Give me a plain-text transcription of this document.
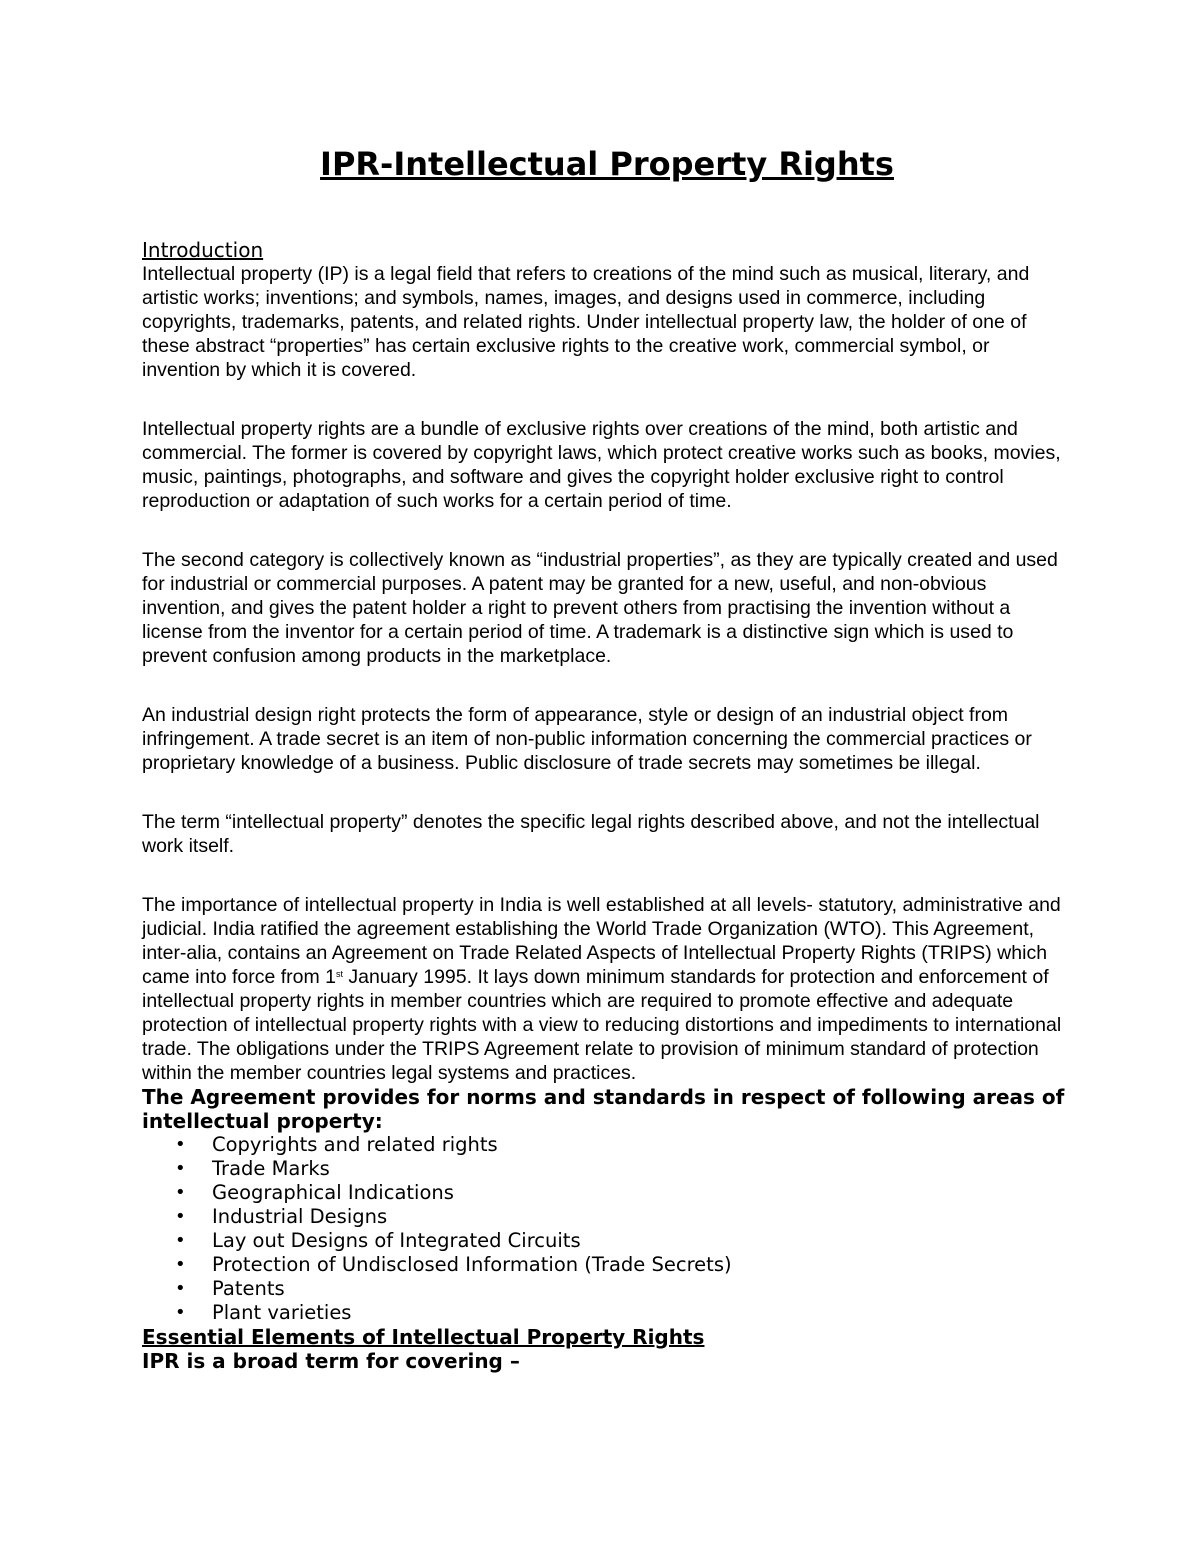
IPR-Intellectual Property Rights
Introduction

Intellectual property (IP) is a legal field that refers to creations of the mind such as musical, literary, and artistic works; inventions; and symbols, names, images, and designs used in commerce, including copyrights, trademarks, patents, and related rights. Under intellectual property law, the holder of one of these abstract “properties” has certain exclusive rights to the creative work, commercial symbol, or invention by which it is covered.

Intellectual property rights are a bundle of exclusive rights over creations of the mind, both artistic and commercial. The former is covered by copyright laws, which protect creative works such as books, movies, music, paintings, photographs, and software and gives the copyright holder exclusive right to control reproduction or adaptation of such works for a certain period of time.

The second category is collectively known as “industrial properties”, as they are typically created and used for industrial or commercial purposes. A patent may be granted for a new, useful, and non-obvious invention, and gives the patent holder a right to prevent others from practising the invention without a license from the inventor for a certain period of time. A trademark is a distinctive sign which is used to prevent confusion among products in the marketplace.

An industrial design right protects the form of appearance, style or design of an industrial object from infringement. A trade secret is an item of non-public information concerning the commercial practices or proprietary knowledge of a business. Public disclosure of trade secrets may sometimes be illegal.

The term “intellectual property” denotes the specific legal rights described above, and not the intellectual work itself.

The importance of intellectual property in India is well established at all levels- statutory, administrative and judicial. India ratified the agreement establishing the World Trade Organization (WTO). This Agreement, inter-alia, contains an Agreement on Trade Related Aspects of Intellectual Property Rights (TRIPS) which came into force from 1st January 1995. It lays down minimum standards for protection and enforcement of intellectual property rights in member countries which are required to promote effective and adequate protection of intellectual property rights with a view to reducing distortions and impediments to international trade. The obligations under the TRIPS Agreement relate to provision of minimum standard of protection within the member countries legal systems and practices.

The Agreement provides for norms and standards in respect of following areas of intellectual property:
• Copyrights and related rights
• Trade Marks
• Geographical Indications
• Industrial Designs
• Lay out Designs of Integrated Circuits
• Protection of Undisclosed Information (Trade Secrets)
• Patents
• Plant varieties
Essential Elements of Intellectual Property Rights
IPR is a broad term for covering –
